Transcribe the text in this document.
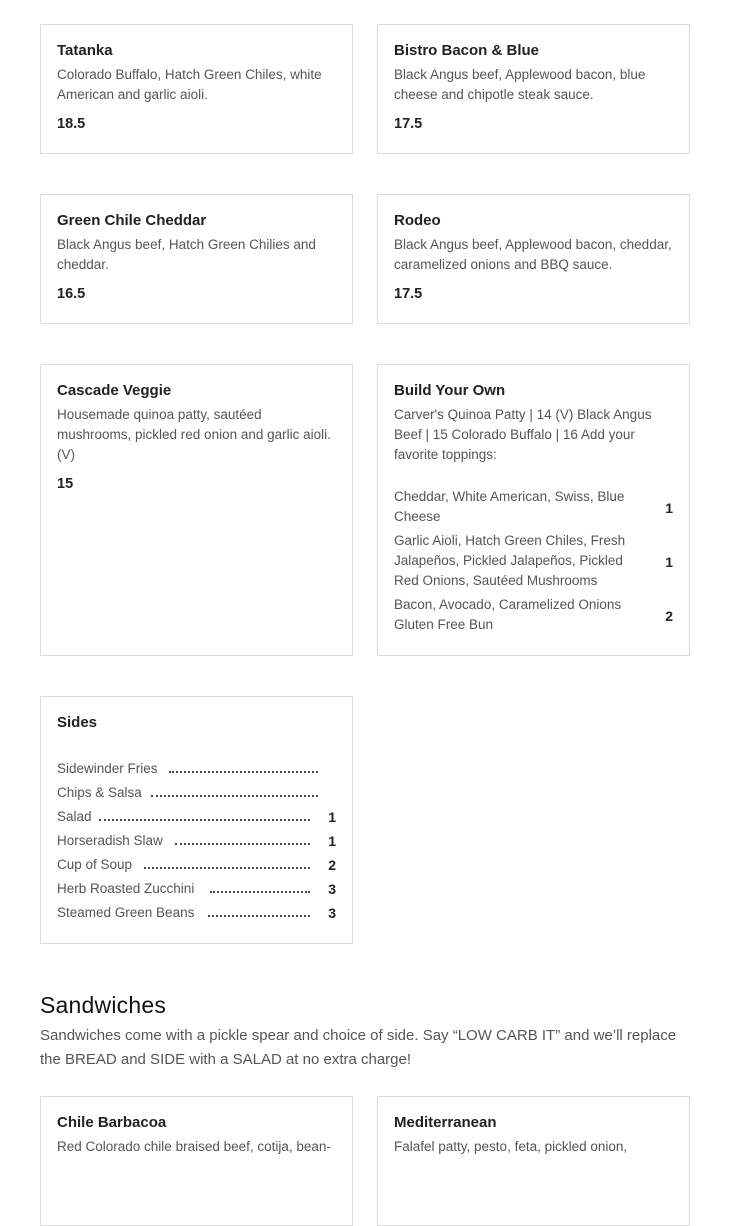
Tatanka
Colorado Buffalo, Hatch Green Chiles, white American and garlic aioli.
18.5
Bistro Bacon & Blue
Black Angus beef, Applewood bacon, blue cheese and chipotle steak sauce.
17.5
Green Chile Cheddar
Black Angus beef, Hatch Green Chilies and cheddar.
16.5
Rodeo
Black Angus beef, Applewood bacon, cheddar, caramelized onions and BBQ sauce.
17.5
Cascade Veggie
Housemade quinoa patty, sautéed mushrooms, pickled red onion and garlic aioli. (V)
15
Build Your Own
Carver's Quinoa Patty | 14 (V) Black Angus Beef | 15 Colorado Buffalo | 16 Add your favorite toppings:
Cheddar, White American, Swiss, Blue Cheese
1
Garlic Aioli, Hatch Green Chiles, Fresh Jalapeños, Pickled Jalapeños, Pickled Red Onions, Sautéed Mushrooms
1
Bacon, Avocado, Caramelized Onions Gluten Free Bun
2
Sides
Sidewinder Fries
Chips & Salsa
Salad	1
Horseradish Slaw	1
Cup of Soup	2
Herb Roasted Zucchini	3
Steamed Green Beans	3
Sandwiches
Sandwiches come with a pickle spear and choice of side. Say “LOW CARB IT” and we’ll replace the BREAD and SIDE with a SALAD at no extra charge!
Chile Barbacoa
Red Colorado chile braised beef, cotija, bean-
Mediterranean
Falafel patty, pesto, feta, pickled onion,
